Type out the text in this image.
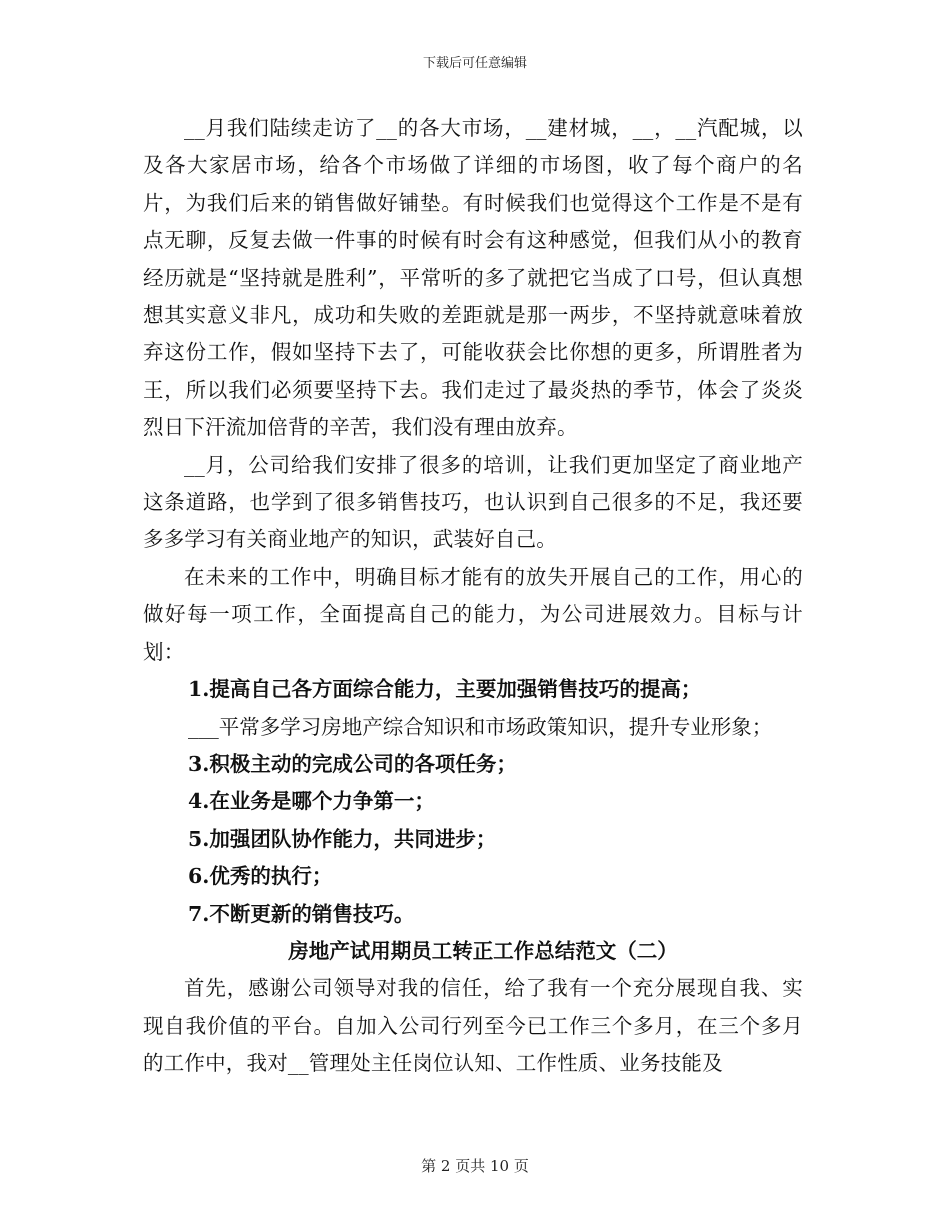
下载后可任意编辑

__月我们陆续走访了__的各大市场，__建材城，__，__汽配城，以及各大家居市场，给各个市场做了详细的市场图，收了每个商户的名片，为我们后来的销售做好铺垫。有时候我们也觉得这个工作是不是有点无聊，反复去做一件事的时候有时会有这种感觉，但我们从小的教育经历就是“坚持就是胜利”，平常听的多了就把它当成了口号，但认真想想其实意义非凡，成功和失败的差距就是那一两步，不坚持就意味着放弃这份工作，假如坚持下去了，可能收获会比你想的更多，所谓胜者为王，所以我们必须要坚持下去。我们走过了最炎热的季节，体会了炎炎烈日下汗流加倍背的辛苦，我们没有理由放弃。

__月，公司给我们安排了很多的培训，让我们更加坚定了商业地产这条道路，也学到了很多销售技巧，也认识到自己很多的不足，我还要多多学习有关商业地产的知识，武装好自己。

在未来的工作中，明确目标才能有的放失开展自己的工作，用心的做好每一项工作，全面提高自己的能力，为公司进展效力。目标与计划：

1.提高自己各方面综合能力，主要加强销售技巧的提高；

___平常多学习房地产综合知识和市场政策知识，提升专业形象；

3.积极主动的完成公司的各项任务；

4.在业务是哪个力争第一；

5.加强团队协作能力，共同进步；

6.优秀的执行；

7.不断更新的销售技巧。

房地产试用期员工转正工作总结范文（二）

首先，感谢公司领导对我的信任，给了我有一个充分展现自我、实现自我价值的平台。自加入公司行列至今已工作三个多月，在三个多月的工作中，我对__管理处主任岗位认知、工作性质、业务技能及

第 2 页共 10 页
